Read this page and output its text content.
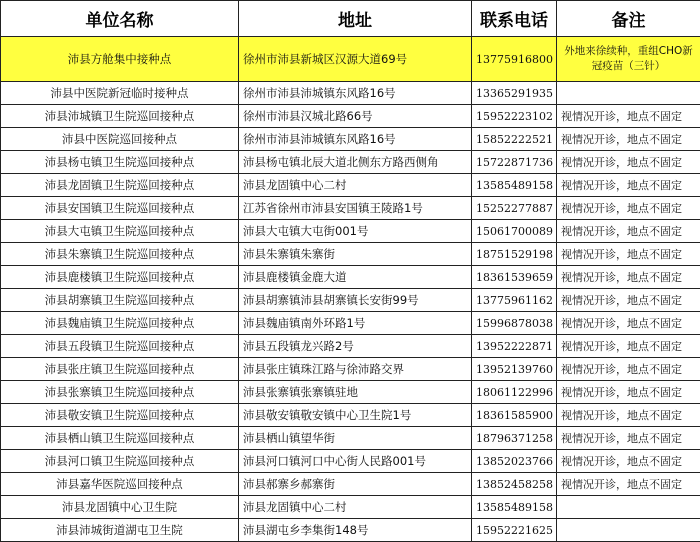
单位名称	地址	联系电话	备注
沛县方舱集中接种点	徐州市沛县新城区汉源大道69号	13775916800	外地来徐续种，重组CHO新冠疫苗（三针）
沛县中医院新冠临时接种点	徐州市沛县沛城镇东风路16号	13365291935	
沛县沛城镇卫生院巡回接种点	徐州市沛县汉城北路66号	15952223102	视情况开诊，地点不固定
沛县中医院巡回接种点	徐州市沛县沛城镇东风路16号	15852222521	视情况开诊，地点不固定
沛县杨屯镇卫生院巡回接种点	沛县杨屯镇北辰大道北侧东方路西侧角	15722871736	视情况开诊，地点不固定
沛县龙固镇卫生院巡回接种点	沛县龙固镇中心二村	13585489158	视情况开诊，地点不固定
沛县安国镇卫生院巡回接种点	江苏省徐州市沛县安国镇王陵路1号	15252277887	视情况开诊，地点不固定
沛县大屯镇卫生院巡回接种点	沛县大屯镇大屯街001号	15061700089	视情况开诊，地点不固定
沛县朱寨镇卫生院巡回接种点	沛县朱寨镇朱寨街	18751529198	视情况开诊，地点不固定
沛县鹿楼镇卫生院巡回接种点	沛县鹿楼镇金鹿大道	18361539659	视情况开诊，地点不固定
沛县胡寨镇卫生院巡回接种点	沛县胡寨镇沛县胡寨镇长安街99号	13775961162	视情况开诊，地点不固定
沛县魏庙镇卫生院巡回接种点	沛县魏庙镇南外环路1号	15996878038	视情况开诊，地点不固定
沛县五段镇卫生院巡回接种点	沛县五段镇龙兴路2号	13952222871	视情况开诊，地点不固定
沛县张庄镇卫生院巡回接种点	沛县张庄镇珠江路与徐沛路交界	13952139760	视情况开诊，地点不固定
沛县张寨镇卫生院巡回接种点	沛县张寨镇张寨镇驻地	18061122996	视情况开诊，地点不固定
沛县敬安镇卫生院巡回接种点	沛县敬安镇敬安镇中心卫生院1号	18361585900	视情况开诊，地点不固定
沛县栖山镇卫生院巡回接种点	沛县栖山镇望华街	18796371258	视情况开诊，地点不固定
沛县河口镇卫生院巡回接种点	沛县河口镇河口中心街人民路001号	13852023766	视情况开诊，地点不固定
沛县嘉华医院巡回接种点	沛县郝寨乡郝寨街	13852458258	视情况开诊，地点不固定
沛县龙固镇中心卫生院	沛县龙固镇中心二村	13585489158	
沛县沛城街道湖屯卫生院	沛县湖屯乡李集街148号	15952221625	
